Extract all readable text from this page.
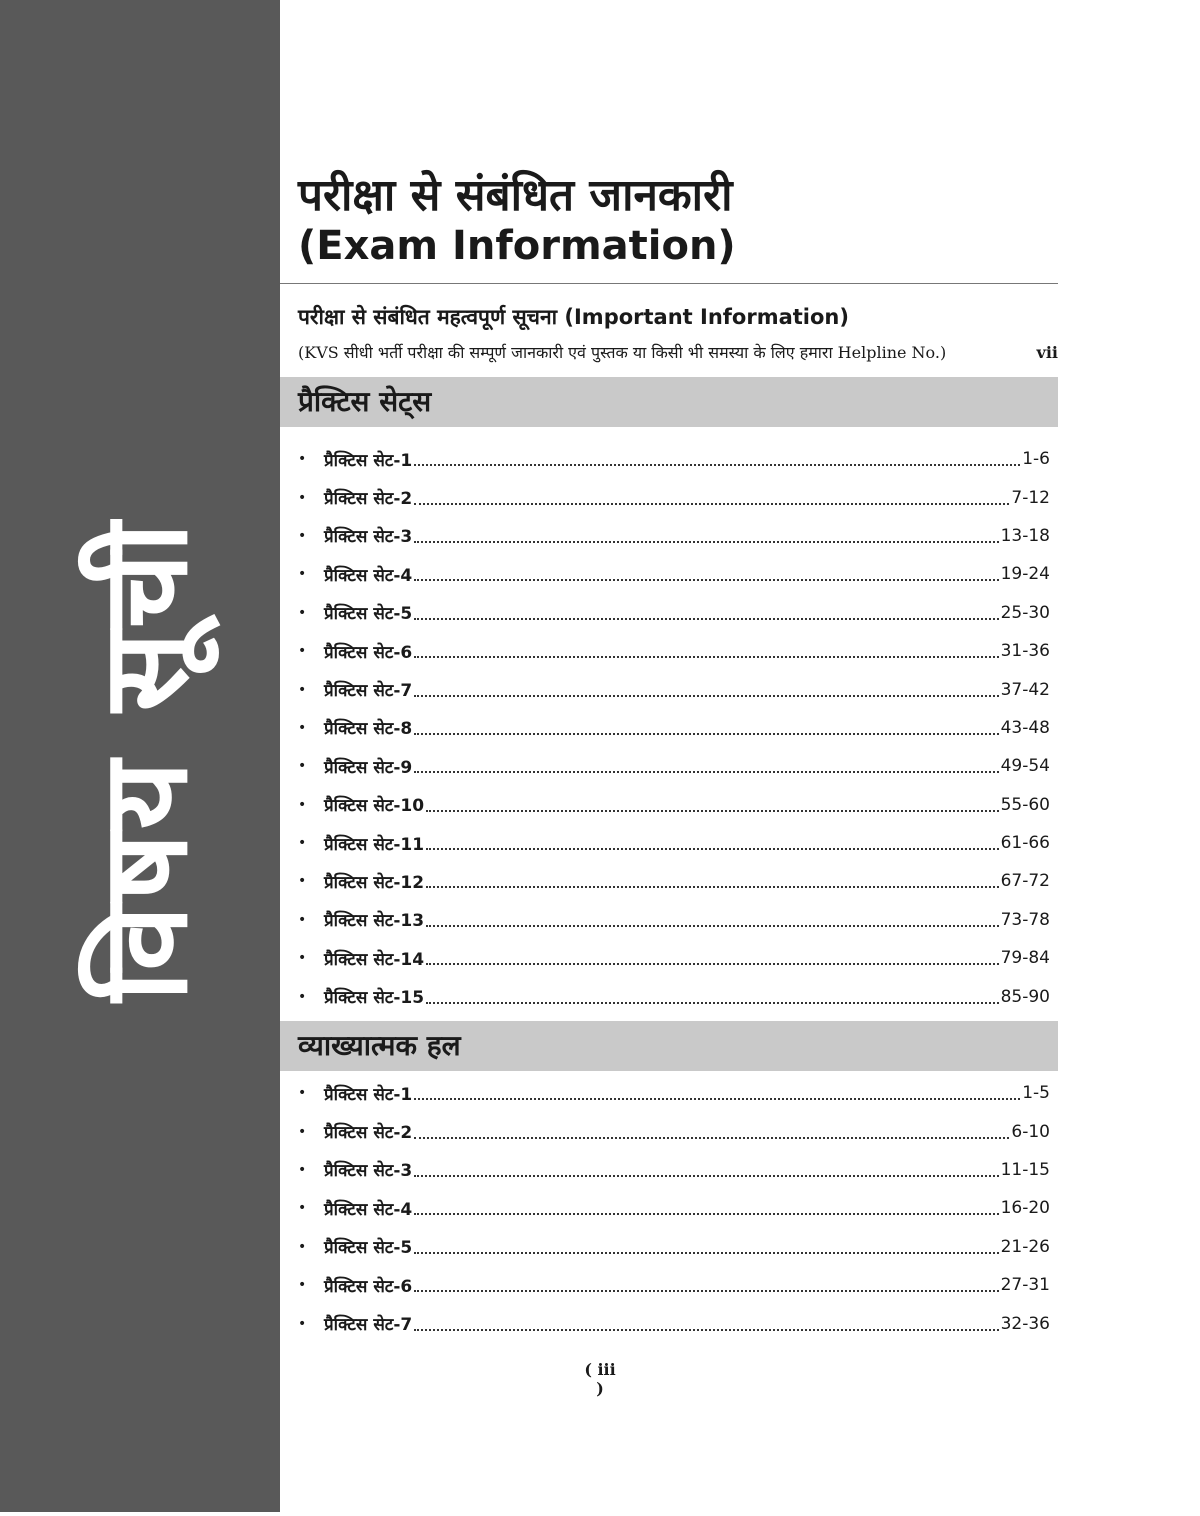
विषय सूची
परीक्षा से संबंधित जानकारी
(Exam Information)
परीक्षा से संबंधित महत्वपूर्ण सूचना (Important Information)
(KVS सीधी भर्ती परीक्षा की सम्पूर्ण जानकारी एवं पुस्तक या किसी भी समस्या के लिए हमारा Helpline No.)	vii
प्रैक्टिस सेट्स
•	प्रैक्टिस सेट-1	1-6
•	प्रैक्टिस सेट-2	7-12
•	प्रैक्टिस सेट-3	13-18
•	प्रैक्टिस सेट-4	19-24
•	प्रैक्टिस सेट-5	25-30
•	प्रैक्टिस सेट-6	31-36
•	प्रैक्टिस सेट-7	37-42
•	प्रैक्टिस सेट-8	43-48
•	प्रैक्टिस सेट-9	49-54
•	प्रैक्टिस सेट-10	55-60
•	प्रैक्टिस सेट-11	61-66
•	प्रैक्टिस सेट-12	67-72
•	प्रैक्टिस सेट-13	73-78
•	प्रैक्टिस सेट-14	79-84
•	प्रैक्टिस सेट-15	85-90
व्याख्यात्मक हल
•	प्रैक्टिस सेट-1	1-5
•	प्रैक्टिस सेट-2	6-10
•	प्रैक्टिस सेट-3	11-15
•	प्रैक्टिस सेट-4	16-20
•	प्रैक्टिस सेट-5	21-26
•	प्रैक्टिस सेट-6	27-31
•	प्रैक्टिस सेट-7	32-36
( iii )
